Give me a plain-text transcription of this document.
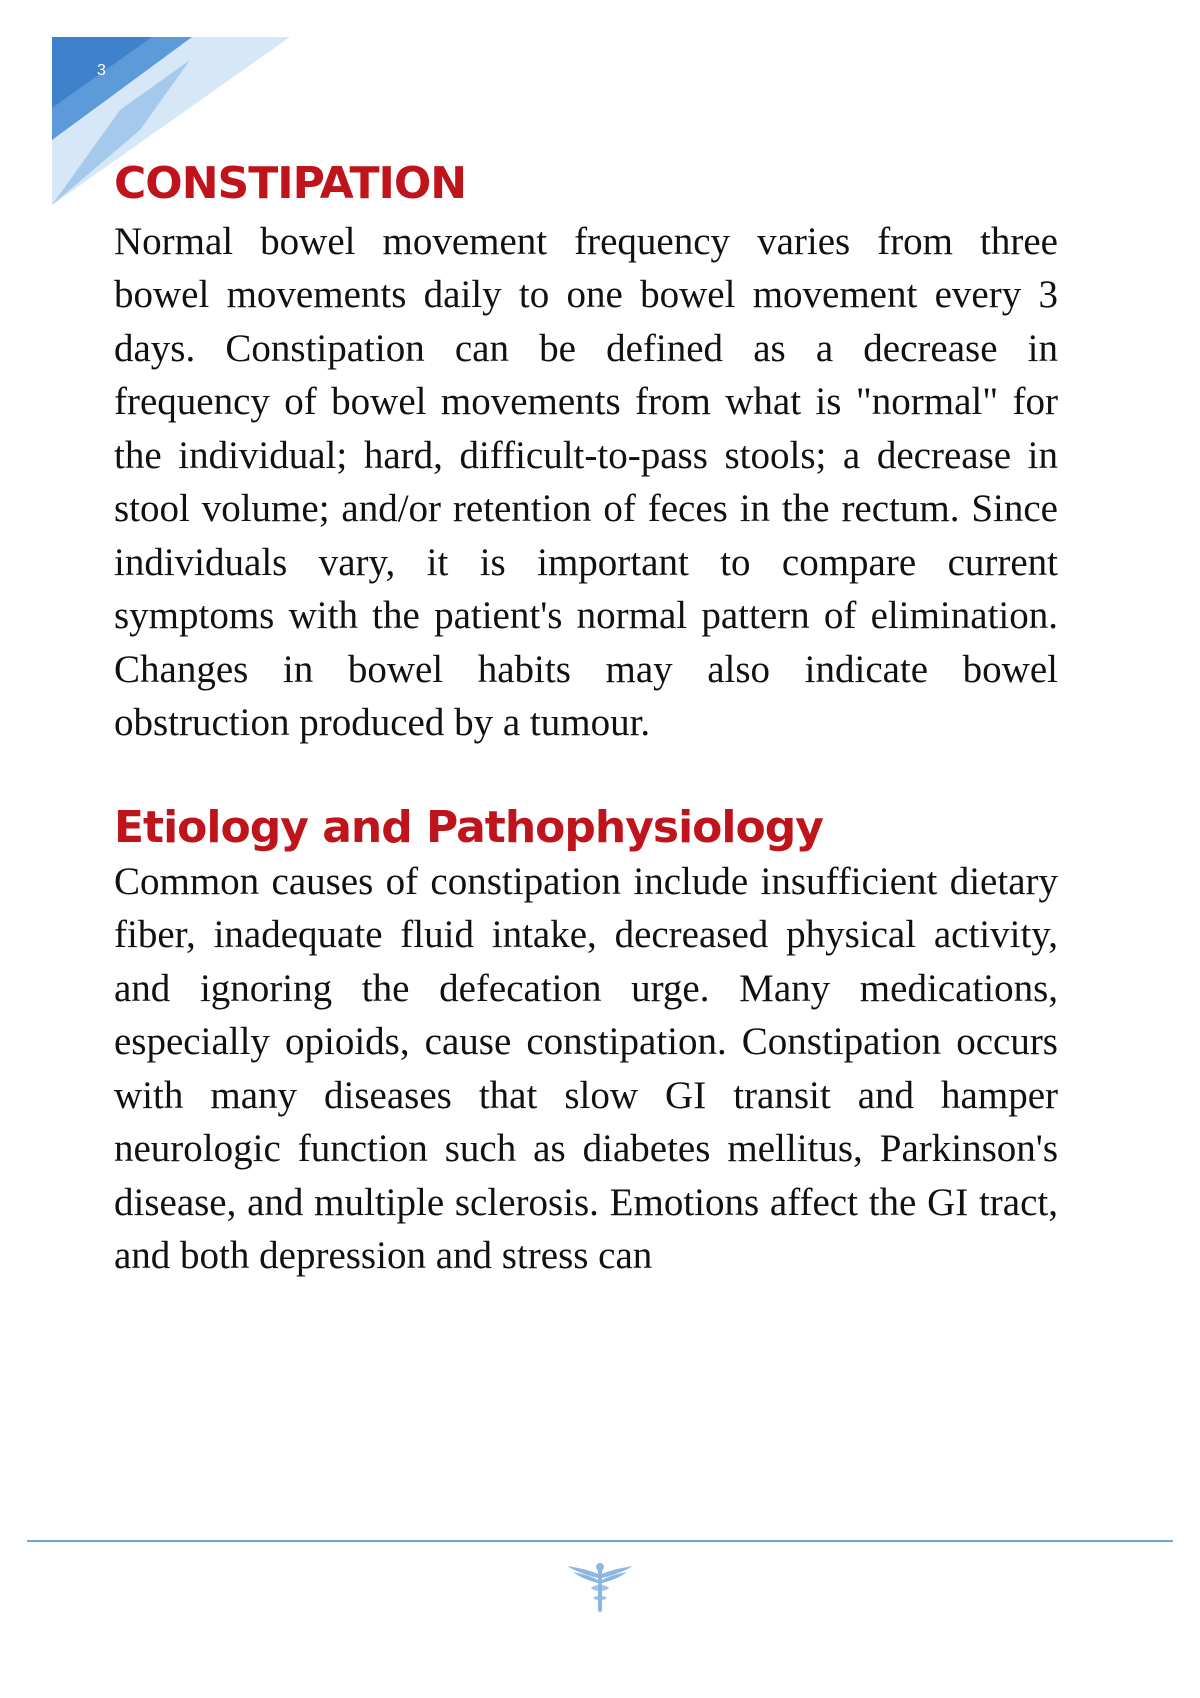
3
CONSTIPATION

Normal bowel movement frequency varies from three bowel movements daily to one bowel movement every 3 days. Constipation can be defined as a decrease in frequency of bowel movements from what is "normal" for the individual; hard, difficult-to-pass stools; a decrease in stool volume; and/or retention of feces in the rectum. Since individuals vary, it is important to compare current symptoms with the patient's normal pattern of elimination. Changes in bowel habits may also indicate bowel obstruction produced by a tumour.

Etiology and Pathophysiology

Common causes of constipation include insufficient dietary fiber, inadequate fluid intake, decreased physical activity, and ignoring the defecation urge. Many medications, especially opioids, cause constipation. Constipation occurs with many diseases that slow GI transit and hamper neurologic function such as diabetes mellitus, Parkinson's disease, and multiple sclerosis. Emotions affect the GI tract, and both depression and stress can
